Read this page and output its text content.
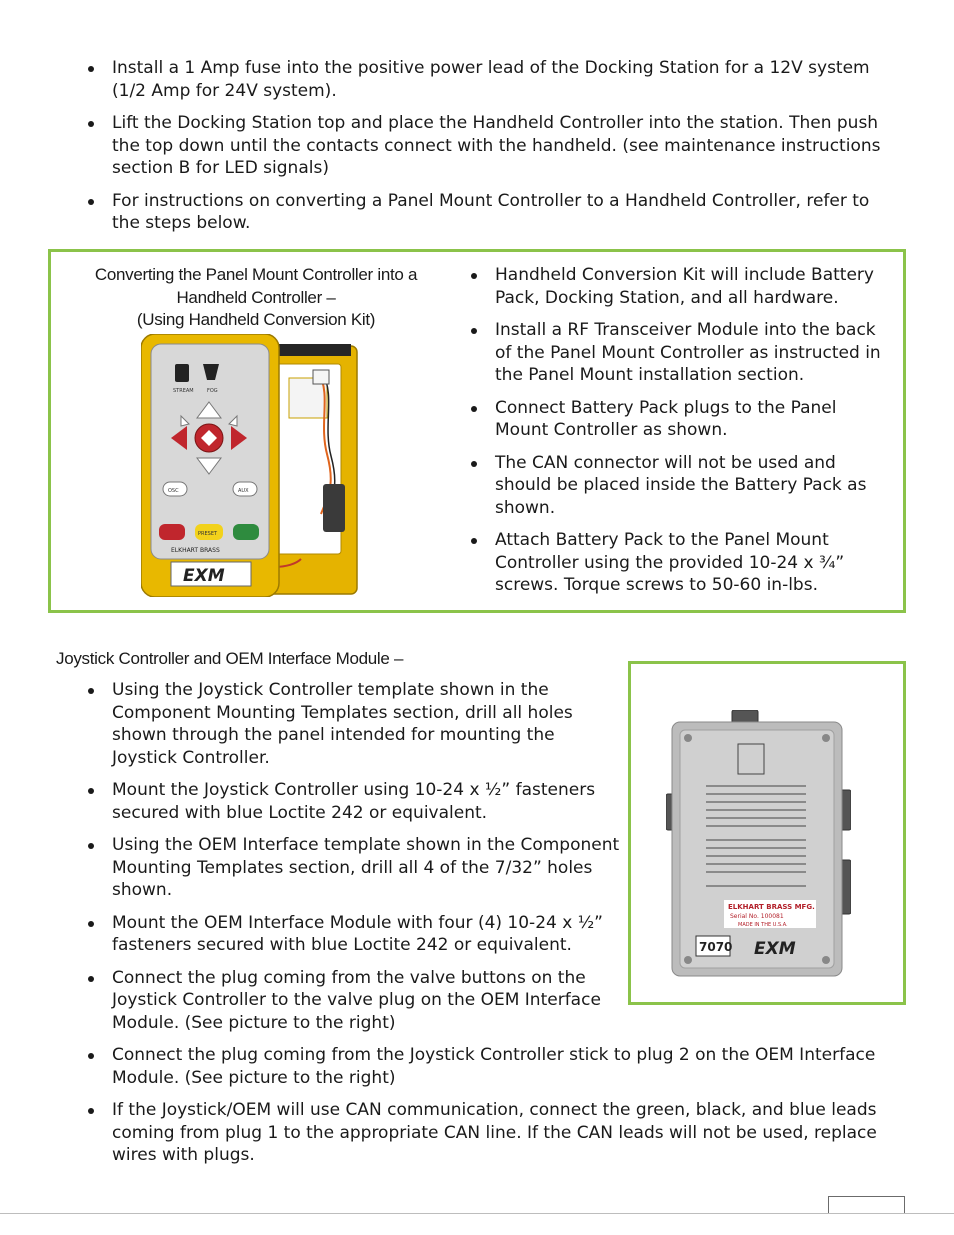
Install a 1 Amp fuse into the positive power lead of the Docking Station for a 12V system (1/2 Amp for 24V system).
Lift the Docking Station top and place the Handheld Controller into the station. Then push the top down until the contacts connect with the handheld. (see maintenance instructions section B for LED signals)
For instructions on converting a Panel Mount Controller to a Handheld Controller, refer to the steps below.
Converting the Panel Mount Controller into a
Handheld Controller –
(Using Handheld Conversion Kit)
Handheld Conversion Kit will include Battery Pack, Docking Station, and all hardware.
Install a RF Transceiver Module into the back of the Panel Mount Controller as instructed in the Panel Mount installation section.
Connect Battery Pack plugs to the Panel Mount Controller as shown.
The CAN connector will not be used and should be placed inside the Battery Pack as shown.
Attach Battery Pack to the Panel Mount Controller using the provided 10-24 x ¾” screws. Torque screws to 50-60 in-lbs.
STREAM	FOG
OSC	AUX
PRESET
ELKHART BRASS
EXM
Joystick Controller and OEM Interface Module –
Using the Joystick Controller template shown in the Component Mounting Templates section, drill all holes shown through the panel intended for mounting the Joystick Controller.
Mount the Joystick Controller using 10-24 x ½” fasteners secured with blue Loctite 242 or equivalent.
Using the OEM Interface template shown in the Component Mounting Templates section, drill all 4 of the 7/32” holes shown.
Mount the OEM Interface Module with four (4) 10-24 x ½” fasteners secured with blue Loctite 242 or equivalent.
Connect the plug coming from the valve buttons on the Joystick Controller to the valve plug on the OEM Interface Module. (See picture to the right)
ELKHART BRASS MFG.
Serial No. 100081
MADE IN THE U.S.A.
7070 EXM
Connect the plug coming from the Joystick Controller stick to plug 2 on the OEM Interface Module. (See picture to the right)
If the Joystick/OEM will use CAN communication, connect the green, black, and blue leads coming from plug 1 to the appropriate CAN line. If the CAN leads will not be used, replace wires with plugs.
